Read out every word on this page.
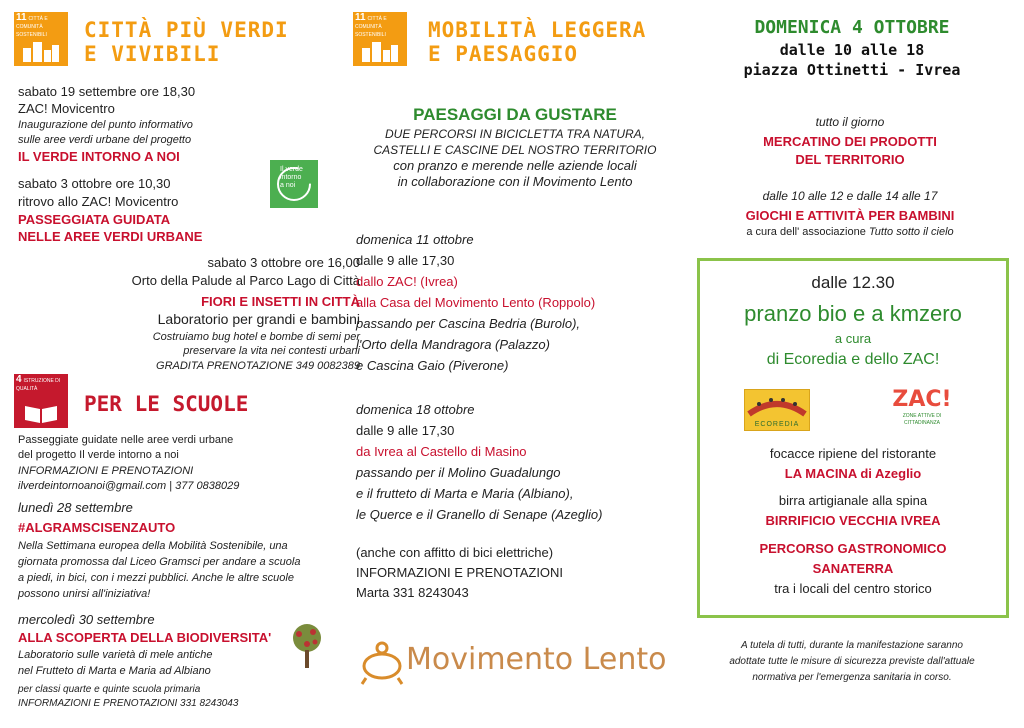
11 CITTÀ E COMUNITÀ SOSTENIBILI	CITTÀ PIÙ VERDI
E VIVIBILI
sabato 19 settembre ore 18,30
ZAC! Movicentro
Inaugurazione del punto informativo
sulle aree verdi urbane del progetto
IL VERDE INTORNO A NOI
sabato 3 ottobre ore 10,30
ritrovo allo ZAC! Movicentro
PASSEGGIATA GUIDATA
NELLE AREE VERDI URBANE
Il verde
intorno
a noi
sabato 3 ottobre ore 16,00
Orto della Palude al Parco Lago di Città
FIORI E INSETTI IN CITTÀ
Laboratorio per grandi e bambini
Costruiamo bug hotel e bombe di semi per
preservare la vita nei contesti urbani
GRADITA PRENOTAZIONE 349 0082389
4 ISTRUZIONE DI QUALITÀ
PER LE SCUOLE
Passeggiate guidate nelle aree verdi urbane
del progetto Il verde intorno a noi
INFORMAZIONI E PRENOTAZIONI
ilverdeintornoanoi@gmail.com | 377 0838029
lunedì 28 settembre
#ALGRAMSCISENZAUTO
Nella Settimana europea della Mobilità Sostenibile, una
giornata promossa dal Liceo Gramsci per andare a scuola
a piedi, in bici, con i mezzi pubblici. Anche le altre scuole
possono unirsi all'iniziativa!
mercoledì 30 settembre
ALLA SCOPERTA DELLA BIODIVERSITA'
Laboratorio sulle varietà di mele antiche
nel Frutteto di Marta e Maria ad Albiano
per classi quarte e quinte scuola primaria
INFORMAZIONI E PRENOTAZIONI 331 8243043
11 CITTÀ E COMUNITÀ SOSTENIBILI	MOBILITÀ LEGGERA
E PAESAGGIO
PAESAGGI DA GUSTARE
DUE PERCORSI IN BICICLETTA TRA NATURA,
CASTELLI E CASCINE DEL NOSTRO TERRITORIO
con pranzo e merende nelle aziende locali
in collaborazione con il Movimento Lento
domenica 11 ottobre
dalle 9 alle 17,30
dallo ZAC! (Ivrea)
alla Casa del Movimento Lento (Roppolo)
passando per Cascina Bedria (Burolo),
l'Orto della Mandragora (Palazzo)
e Cascina Gaio (Piverone)
domenica 18 ottobre
dalle 9 alle 17,30
da Ivrea al Castello di Masino
passando per il Molino Guadalungo
e il frutteto di Marta e Maria (Albiano),
le Querce e il Granello di Senape (Azeglio)
(anche con affitto di bici elettriche)
INFORMAZIONI E PRENOTAZIONI
Marta 331 8243043
Movimento Lento
DOMENICA 4 OTTOBRE
dalle 10 alle 18
piazza Ottinetti - Ivrea
tutto il giorno
MERCATINO DEI PRODOTTI
DEL TERRITORIO
dalle 10 alle 12 e dalle 14 alle 17
GIOCHI E ATTIVITÀ PER BAMBINI
a cura dell' associazione Tutto sotto il cielo
dalle 12.30
pranzo bio e a kmzero
a cura
di Ecoredia e dello ZAC!
ECOREDIA
ZAC!
ZONE ATTIVE DI CITTADINANZA
focacce ripiene del ristorante
LA MACINA di Azeglio
birra artigianale alla spina
BIRRIFICIO VECCHIA IVREA
PERCORSO GASTRONOMICO
SANATERRA
tra i locali del centro storico
A tutela di tutti, durante la manifestazione saranno
adottate tutte le misure di sicurezza previste dall'attuale
normativa per l'emergenza sanitaria in corso.
